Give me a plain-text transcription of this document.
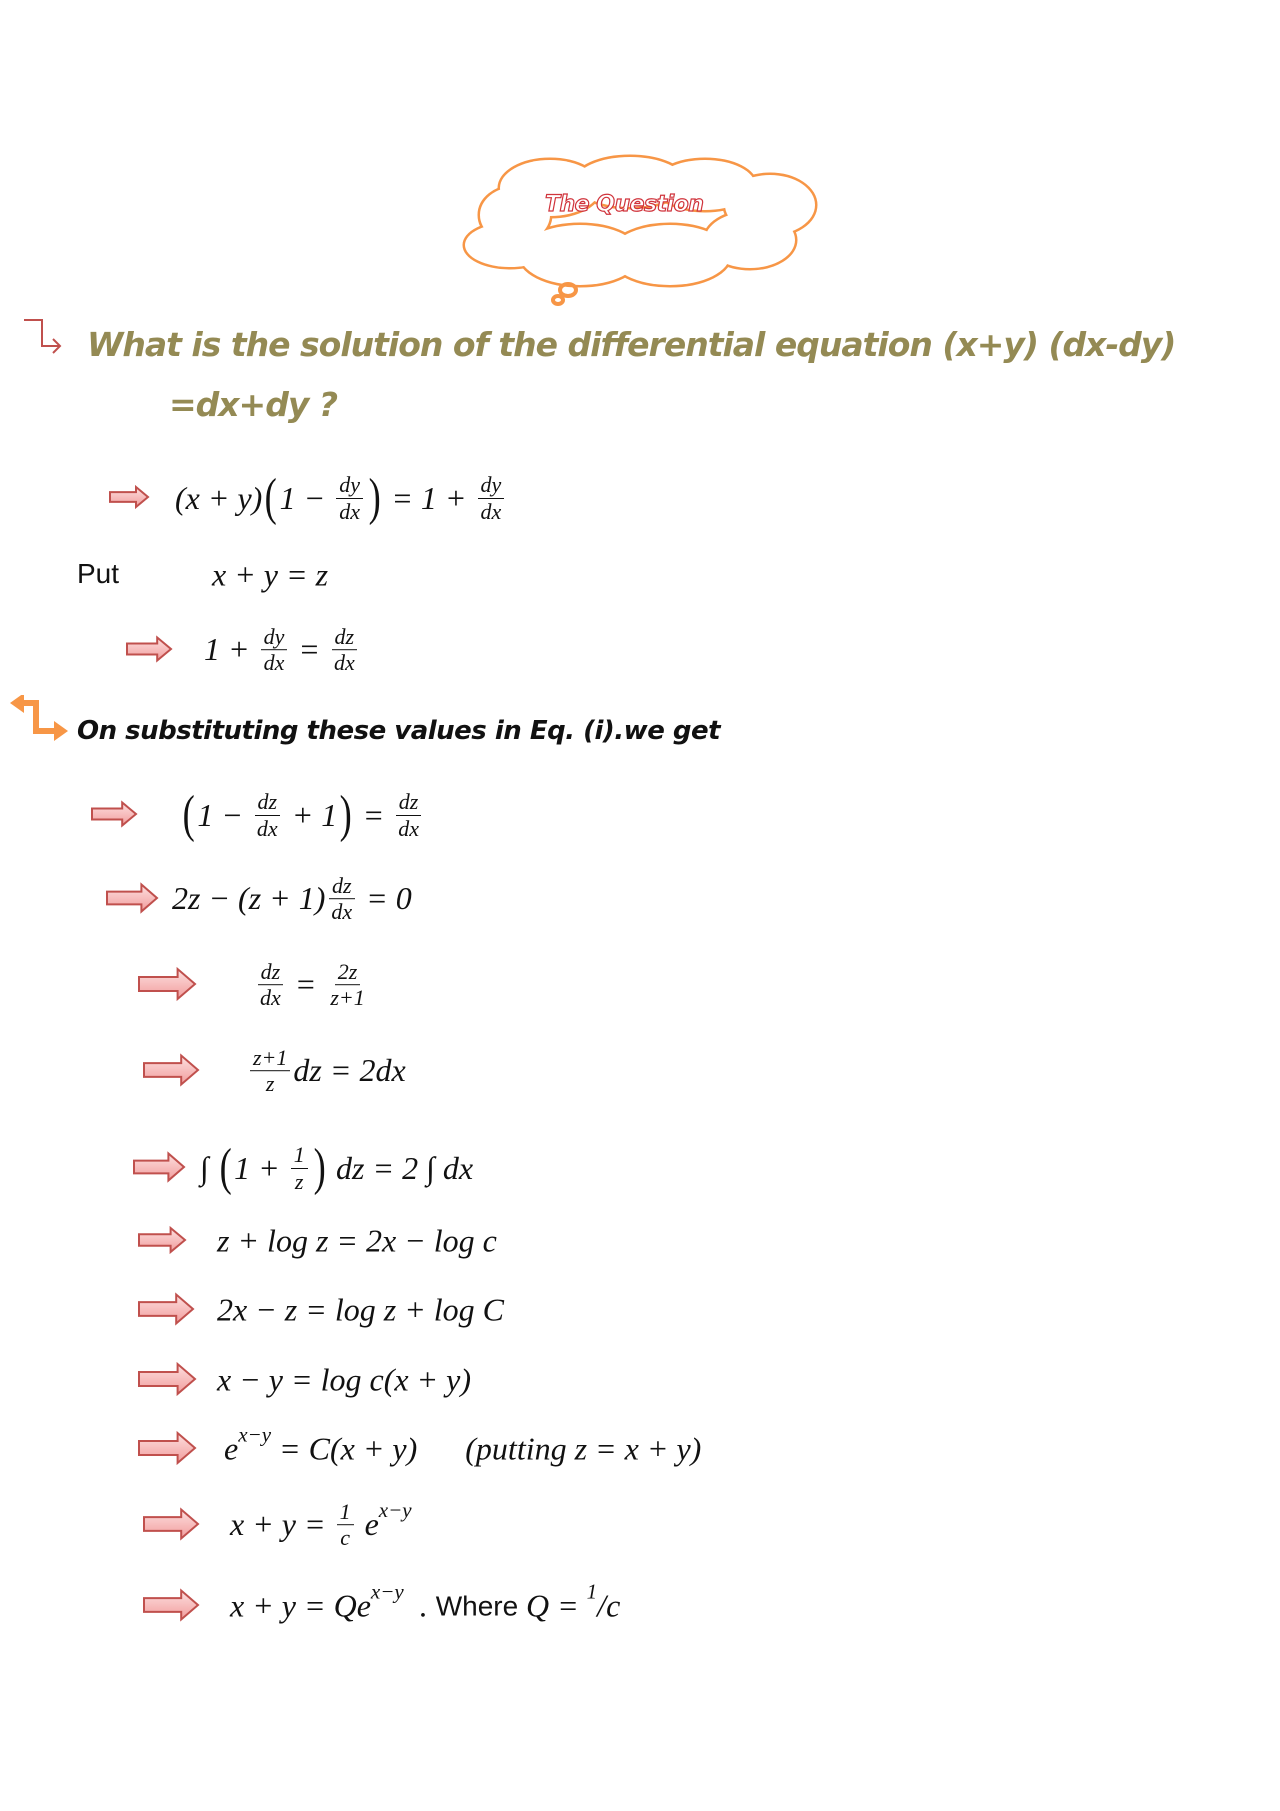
The Question
What is the solution of the differential equation (x+y) (dx-dy)
=dx+dy ?
Put	x + y = z
On substituting these values in Eq. (i).we get
(x + y) ( $1 - \frac{dy}{dx}$ ) = $1 + \frac{dy}{dx}$
$1 + \frac{dy}{dx} = \frac{dz}{dx}$
( $1 - \frac{dz}{dx} + 1$ ) = $\frac{dz}{dx}$
$2z - (z + 1) \frac{dz}{dx} = 0$
$\frac{dz}{dx} = \frac{2z}{z+1}$
$\frac{z+1}{z}$ dz = 2dx
∫ ( $1 + \frac{1}{z}$ ) dz = 2 ∫ dx
z + log z = 2x − log c
2x − z = log z + log C
x − y = log c(x + y)
e x−y = C(x + y) (putting z = x + y)
$x + y = \frac{1}{c}$ e x−y
x + y = Qe x−y . Where Q = 1 /c
